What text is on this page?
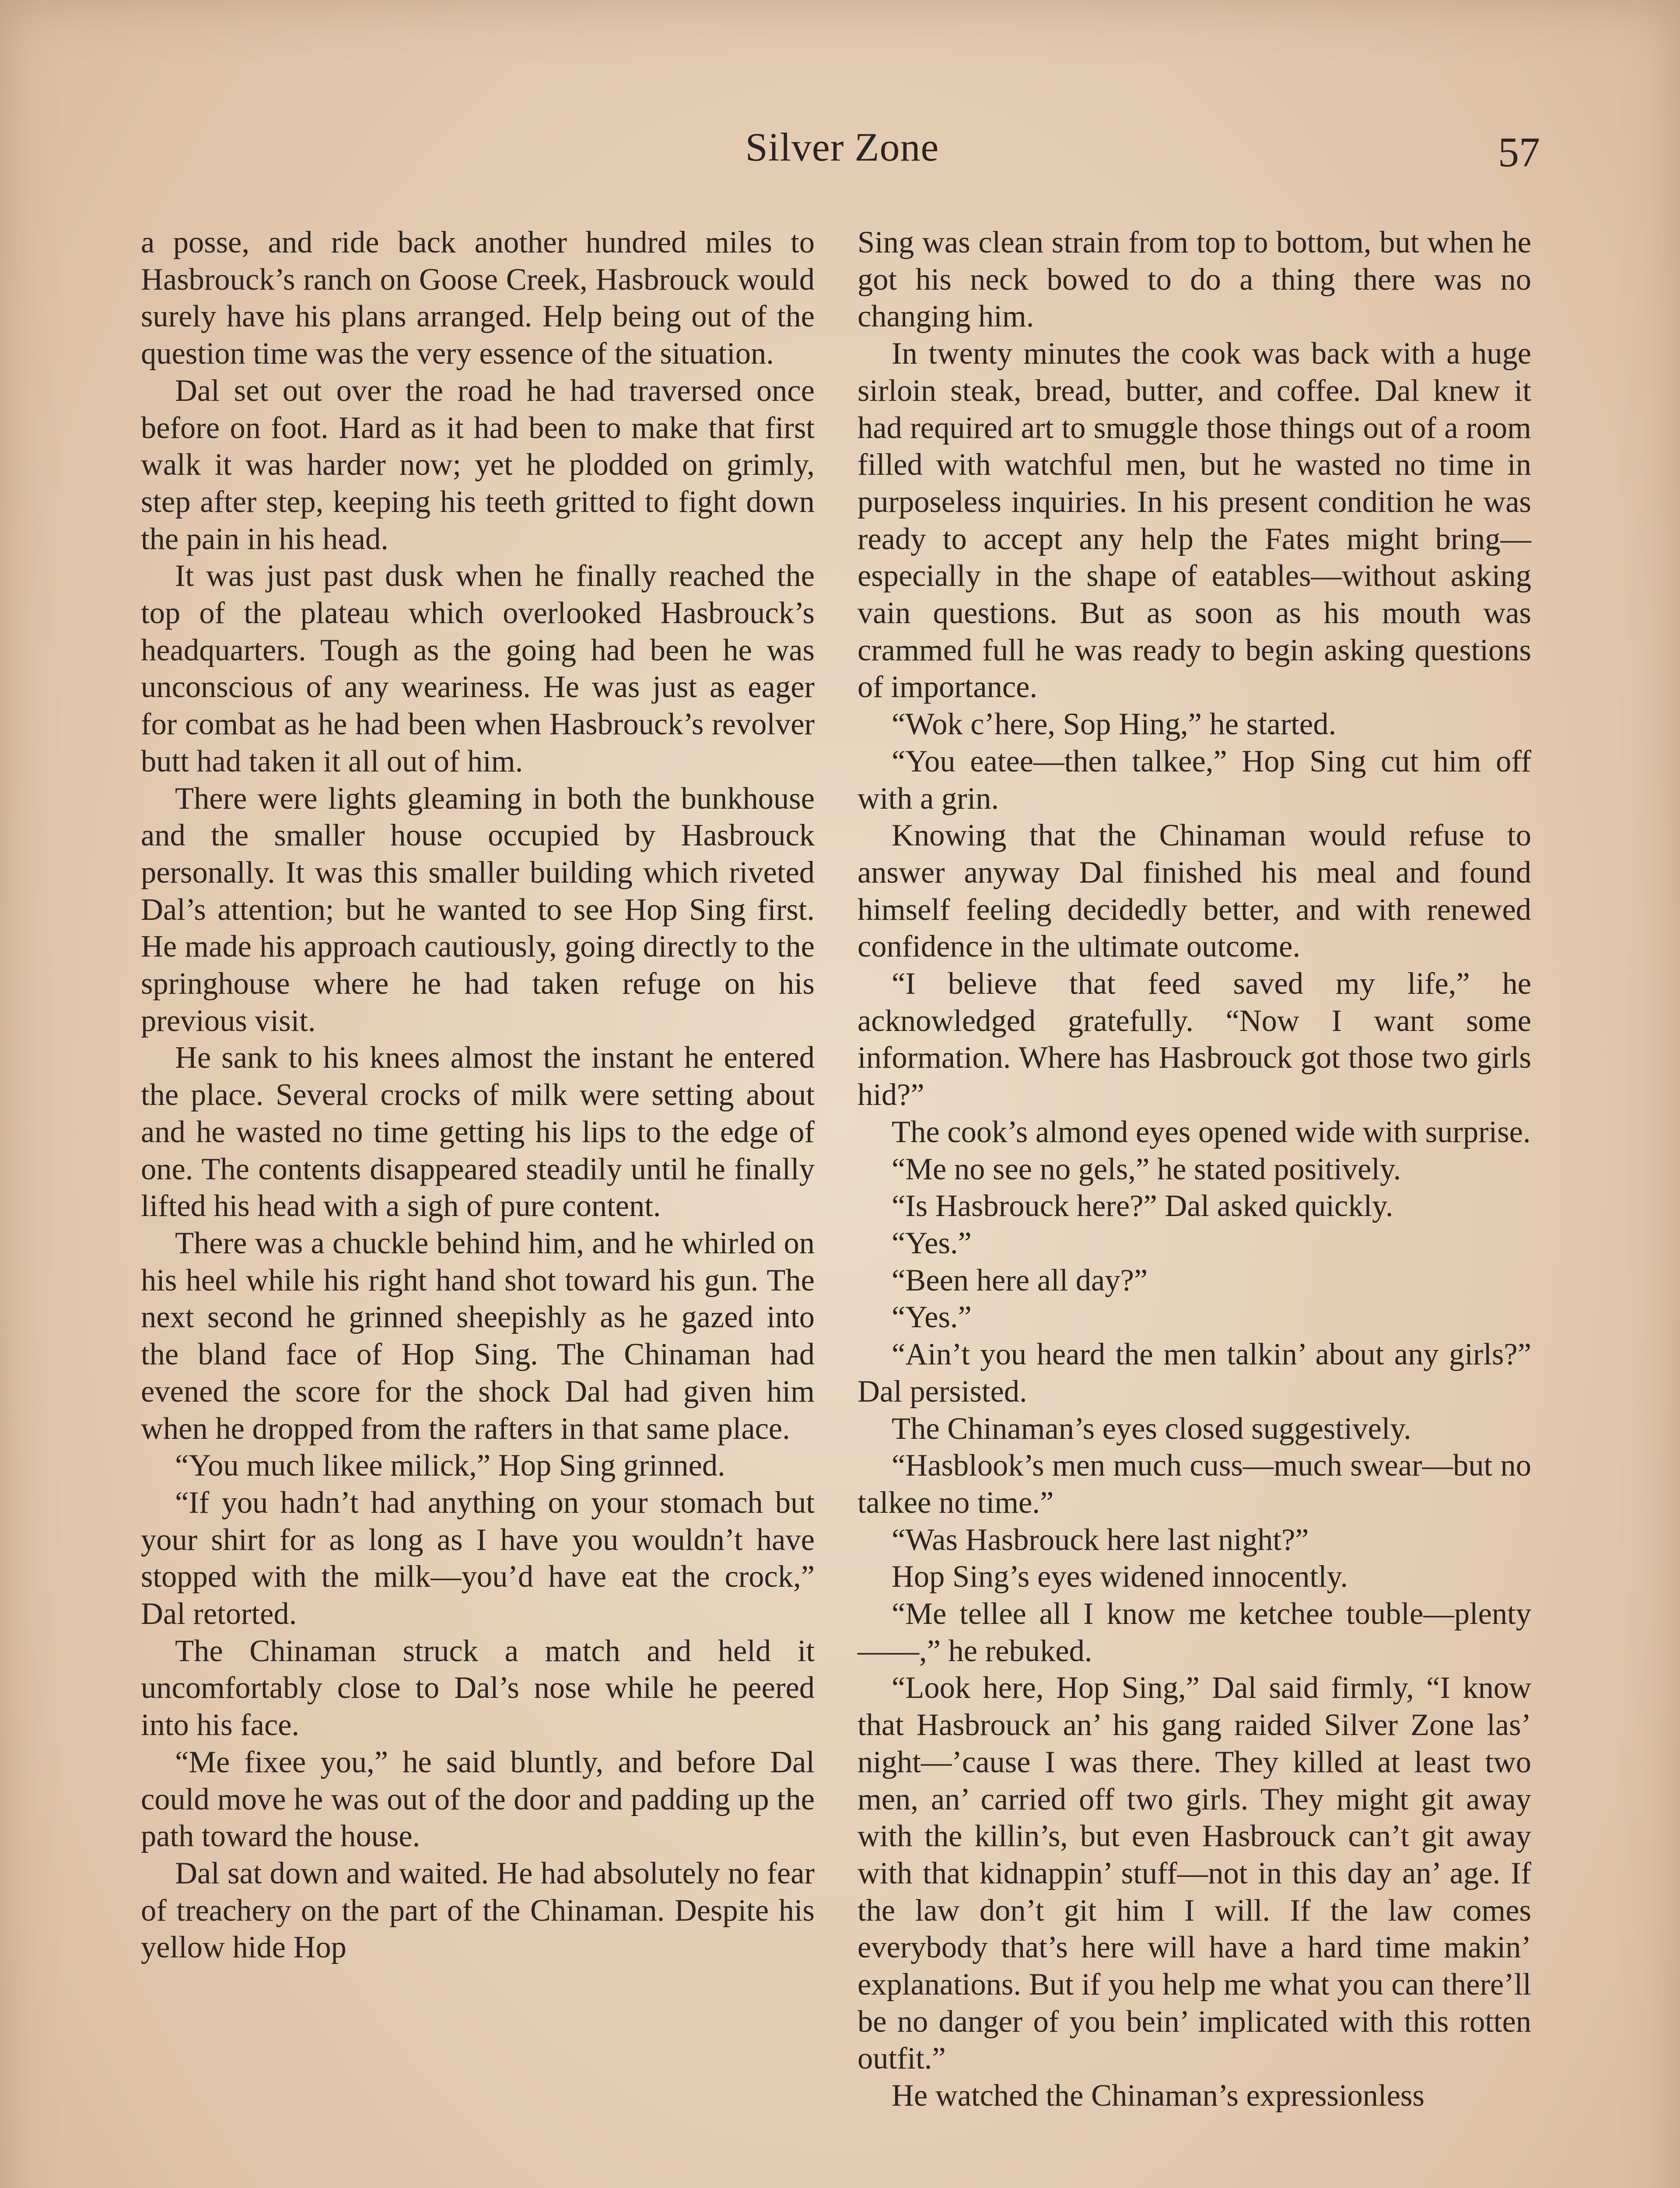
Silver Zone	57

a posse, and ride back another hundred miles to Hasbrouck’s ranch on Goose Creek, Hasbrouck would surely have his plans arranged. Help being out of the question time was the very essence of the situation.

Dal set out over the road he had traversed once before on foot. Hard as it had been to make that first walk it was harder now; yet he plodded on grimly, step after step, keeping his teeth gritted to fight down the pain in his head.

It was just past dusk when he finally reached the top of the plateau which overlooked Hasbrouck’s headquarters. Tough as the going had been he was unconscious of any weariness. He was just as eager for combat as he had been when Hasbrouck’s revolver butt had taken it all out of him.

There were lights gleaming in both the bunkhouse and the smaller house occupied by Hasbrouck personally. It was this smaller building which riveted Dal’s attention; but he wanted to see Hop Sing first. He made his approach cautiously, going directly to the springhouse where he had taken refuge on his previous visit.

He sank to his knees almost the instant he entered the place. Several crocks of milk were setting about and he wasted no time getting his lips to the edge of one. The contents disappeared steadily until he finally lifted his head with a sigh of pure content.

There was a chuckle behind him, and he whirled on his heel while his right hand shot toward his gun. The next second he grinned sheepishly as he gazed into the bland face of Hop Sing. The Chinaman had evened the score for the shock Dal had given him when he dropped from the rafters in that same place.

“You much likee milick,” Hop Sing grinned.

“If you hadn’t had anything on your stomach but your shirt for as long as I have you wouldn’t have stopped with the milk—you’d have eat the crock,” Dal retorted.

The Chinaman struck a match and held it uncomfortably close to Dal’s nose while he peered into his face.

“Me fixee you,” he said bluntly, and before Dal could move he was out of the door and padding up the path toward the house.

Dal sat down and waited. He had absolutely no fear of treachery on the part of the Chinaman. Despite his yellow hide Hop

Sing was clean strain from top to bottom, but when he got his neck bowed to do a thing there was no changing him.

In twenty minutes the cook was back with a huge sirloin steak, bread, butter, and coffee. Dal knew it had required art to smuggle those things out of a room filled with watchful men, but he wasted no time in purposeless inquiries. In his present condition he was ready to accept any help the Fates might bring—especially in the shape of eatables—without asking vain questions. But as soon as his mouth was crammed full he was ready to begin asking questions of importance.

“Wok c’here, Sop Hing,” he started.

“You eatee—then talkee,” Hop Sing cut him off with a grin.

Knowing that the Chinaman would refuse to answer anyway Dal finished his meal and found himself feeling decidedly better, and with renewed confidence in the ultimate outcome.

“I believe that feed saved my life,” he acknowledged gratefully. “Now I want some information. Where has Hasbrouck got those two girls hid?”

The cook’s almond eyes opened wide with surprise.

“Me no see no gels,” he stated positively.

“Is Hasbrouck here?” Dal asked quickly.

“Yes.”

“Been here all day?”

“Yes.”

“Ain’t you heard the men talkin’ about any girls?” Dal persisted.

The Chinaman’s eyes closed suggestively.

“Hasblook’s men much cuss—much swear—but no talkee no time.”

“Was Hasbrouck here last night?”

Hop Sing’s eyes widened innocently.

“Me tellee all I know me ketchee touble—plenty ——,” he rebuked.

“Look here, Hop Sing,” Dal said firmly, “I know that Hasbrouck an’ his gang raided Silver Zone las’ night—’cause I was there. They killed at least two men, an’ carried off two girls. They might git away with the killin’s, but even Hasbrouck can’t git away with that kidnappin’ stuff—not in this day an’ age. If the law don’t git him I will. If the law comes everybody that’s here will have a hard time makin’ explanations. But if you help me what you can there’ll be no danger of you bein’ implicated with this rotten outfit.”

He watched the Chinaman’s expressionless
